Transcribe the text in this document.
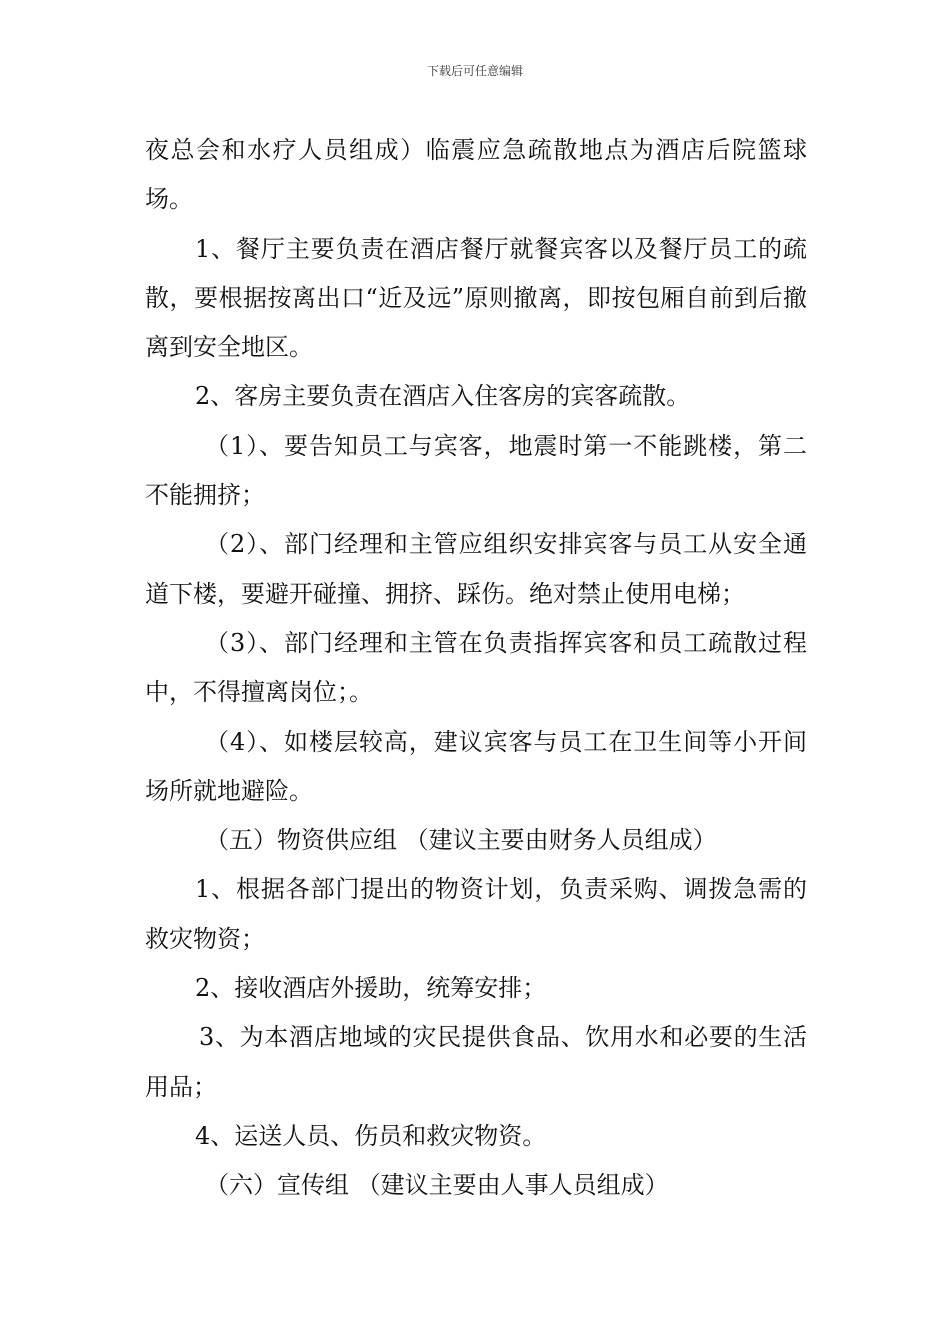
下载后可任意编辑

夜总会和水疗人员组成）临震应急疏散地点为酒店后院篮球场。

1、餐厅主要负责在酒店餐厅就餐宾客以及餐厅员工的疏散，要根据按离出口“近及远”原则撤离，即按包厢自前到后撤离到安全地区。

2、客房主要负责在酒店入住客房的宾客疏散。

（1）、要告知员工与宾客，地震时第一不能跳楼，第二不能拥挤；

（2）、部门经理和主管应组织安排宾客与员工从安全通道下楼，要避开碰撞、拥挤、踩伤。绝对禁止使用电梯；

（3）、部门经理和主管在负责指挥宾客和员工疏散过程中，不得擅离岗位；。

（4）、如楼层较高，建议宾客与员工在卫生间等小开间场所就地避险。

（五）物资供应组 （建议主要由财务人员组成）

1、根据各部门提出的物资计划，负责采购、调拨急需的救灾物资；

2、接收酒店外援助，统筹安排；

3、为本酒店地域的灾民提供食品、饮用水和必要的生活用品；

4、运送人员、伤员和救灾物资。

（六）宣传组 （建议主要由人事人员组成）
